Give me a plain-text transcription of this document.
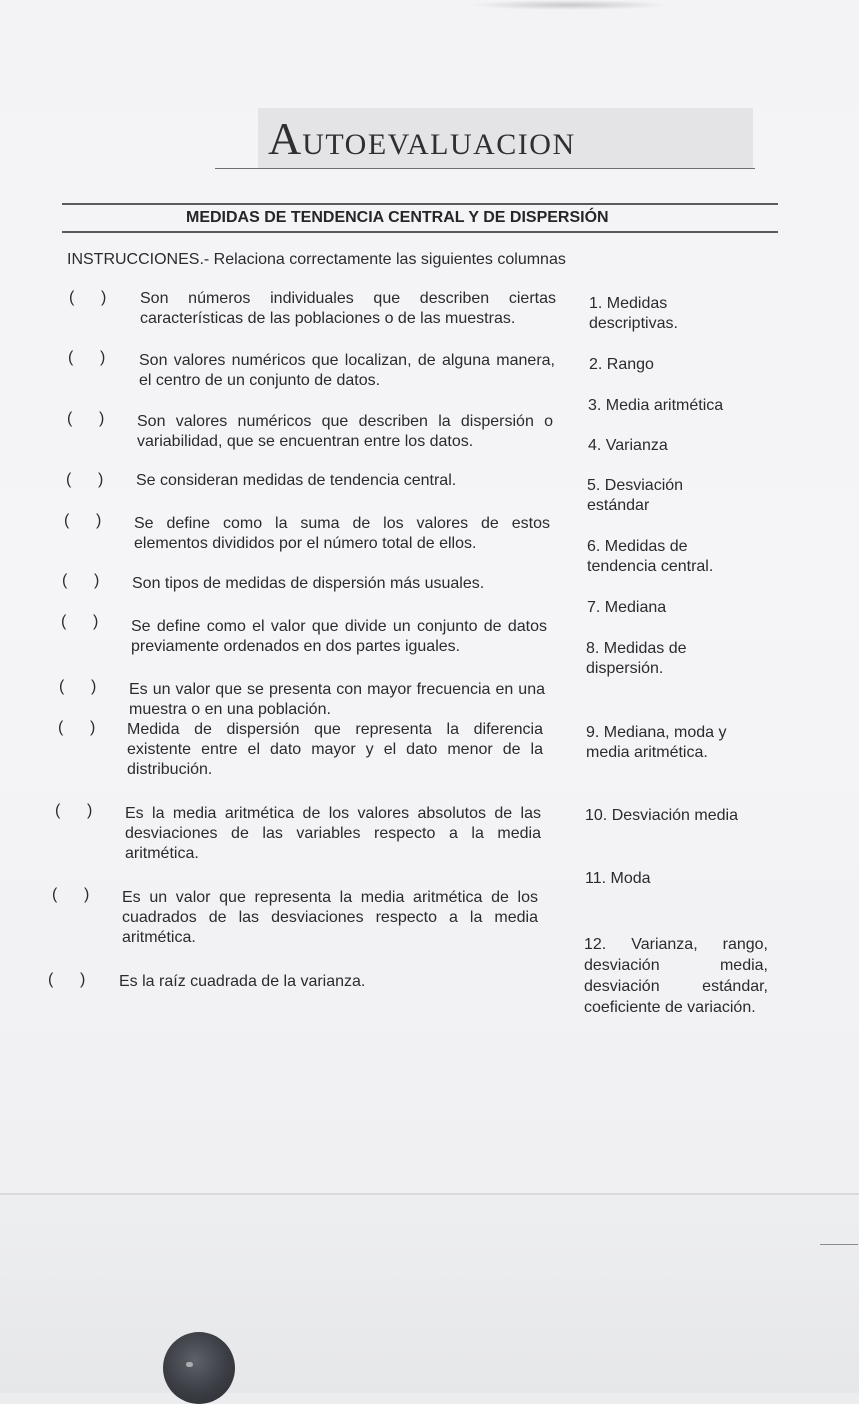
AUTOEVALUACION
MEDIDAS DE TENDENCIA CENTRAL Y DE DISPERSIÓN

INSTRUCCIONES.- Relaciona correctamente las siguientes columnas

(      ) Son números individuales que describen ciertas características de las poblaciones o de las muestras.
(      ) Son valores numéricos que localizan, de alguna manera, el centro de un conjunto de datos.
(      ) Son valores numéricos que describen la dispersión o variabilidad, que se encuentran entre los datos.
(      ) Se consideran medidas de tendencia central.
(      ) Se define como la suma de los valores de estos elementos divididos por el número total de ellos.
(      ) Son tipos de medidas de dispersión más usuales.
(      ) Se define como el valor que divide un conjunto de datos previamente ordenados en dos partes iguales.
(      ) Es un valor que se presenta con mayor frecuencia en una muestra o en una población.
(      ) Medida de dispersión que representa la diferencia existente entre el dato mayor y el dato menor de la distribución.
(      ) Es la media aritmética de los valores absolutos de las desviaciones de las variables respecto a la media aritmética.
(      ) Es un valor que representa la media aritmética de los cuadrados de las desviaciones respecto a la media aritmética.
(      ) Es la raíz cuadrada de la varianza.
1. Medidas descriptivas.
2. Rango
3. Media aritmética
4. Varianza
5. Desviación estándar
6. Medidas de tendencia central.
7. Mediana
8. Medidas de dispersión.
9. Mediana, moda y media aritmética.
10. Desviación media
11. Moda
12. Varianza, rango, desviación media, desviación estándar, coeficiente de variación.
